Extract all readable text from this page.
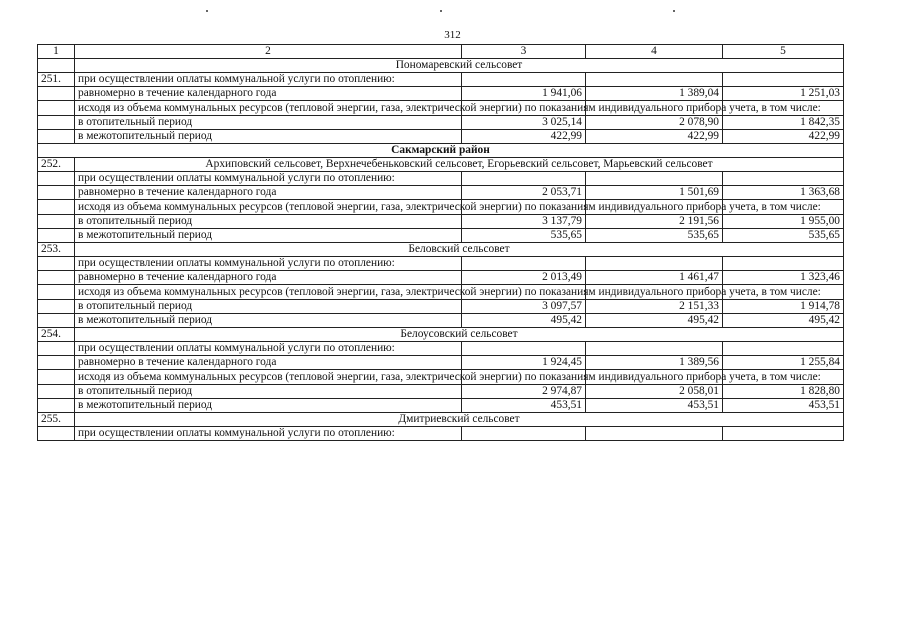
312
1	2	3	4	5
	Пономаревский сельсовет			
251.	при осуществлении оплаты коммунальной услуги по отоплению:			
	равномерно в течение календарного года	1 941,06	1 389,04	1 251,03
	исходя из объема коммунальных ресурсов (тепловой энергии, газа, электрической энергии) по показаниям индивидуального прибора учета, в том числе:			
	в отопительный период	3 025,14	2 078,90	1 842,35
	в межотопительный период	422,99	422,99	422,99
Сакмарский район				
252.	Архиповский сельсовет, Верхнечебеньковский сельсовет, Егорьевский сельсовет, Марьевский сельсовет			
	при осуществлении оплаты коммунальной услуги по отоплению:			
	равномерно в течение календарного года	2 053,71	1 501,69	1 363,68
	исходя из объема коммунальных ресурсов (тепловой энергии, газа, электрической энергии) по показаниям индивидуального прибора учета, в том числе:			
	в отопительный период	3 137,79	2 191,56	1 955,00
	в межотопительный период	535,65	535,65	535,65
253.	Беловский сельсовет			
	при осуществлении оплаты коммунальной услуги по отоплению:			
	равномерно в течение календарного года	2 013,49	1 461,47	1 323,46
	исходя из объема коммунальных ресурсов (тепловой энергии, газа, электрической энергии) по показаниям индивидуального прибора учета, в том числе:			
	в отопительный период	3 097,57	2 151,33	1 914,78
	в межотопительный период	495,42	495,42	495,42
254.	Белоусовский сельсовет			
	при осуществлении оплаты коммунальной услуги по отоплению:			
	равномерно в течение календарного года	1 924,45	1 389,56	1 255,84
	исходя из объема коммунальных ресурсов (тепловой энергии, газа, электрической энергии) по показаниям индивидуального прибора учета, в том числе:			
	в отопительный период	2 974,87	2 058,01	1 828,80
	в межотопительный период	453,51	453,51	453,51
255.	Дмитриевский сельсовет			
	при осуществлении оплаты коммунальной услуги по отоплению:			
